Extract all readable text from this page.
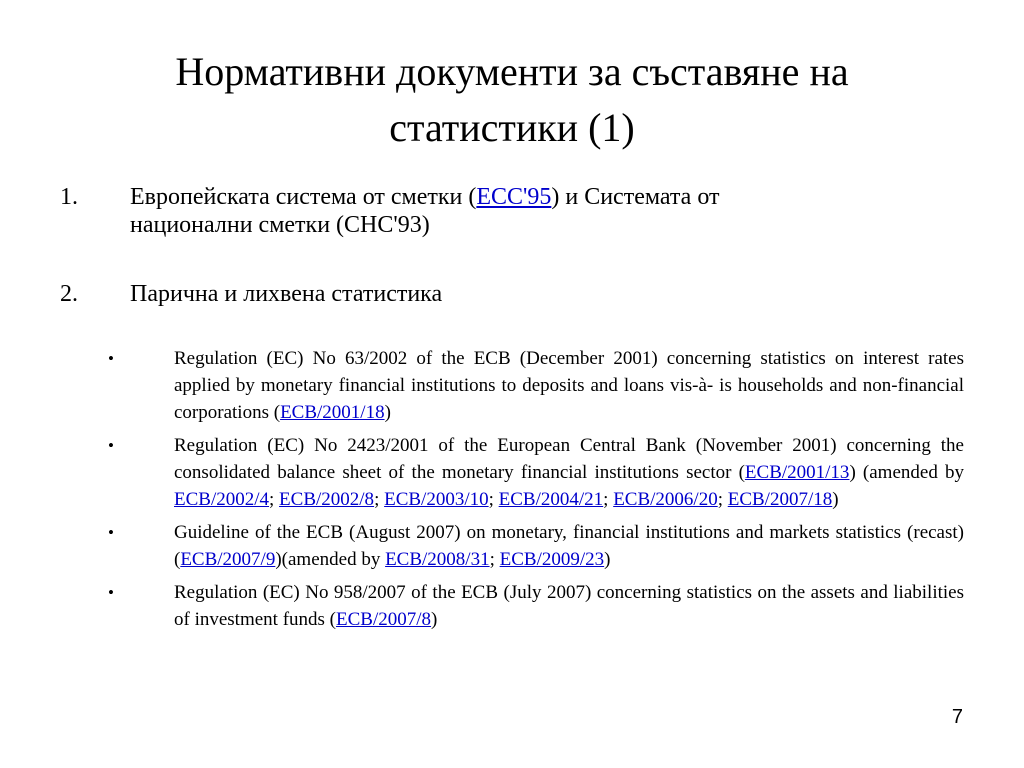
Нормативни документи за съставяне на
статистики (1)
1. Европейската система от сметки (ЕСС'95) и Системата от национални сметки (СНС'93)
2. Парична и лихвена статистика
•	Regulation (EC) No 63/2002 of the ECB (December 2001) concerning statistics on interest rates applied by monetary financial institutions to deposits and loans vis-à- is households and non-financial corporations (ECB/2001/18)
•	Regulation (EC) No 2423/2001 of the European Central Bank (November 2001) concerning the consolidated balance sheet of the monetary financial institutions sector (ECB/2001/13) (amended by ECB/2002/4; ECB/2002/8; ECB/2003/10; ECB/2004/21; ECB/2006/20; ECB/2007/18)
•	Guideline of the ECB (August 2007) on monetary, financial institutions and markets statistics (recast) (ECB/2007/9)(amended by ECB/2008/31; ECB/2009/23)
•	Regulation (EC) No 958/2007 of the ECB (July 2007) concerning statistics on the assets and liabilities of investment funds (ECB/2007/8)
7
